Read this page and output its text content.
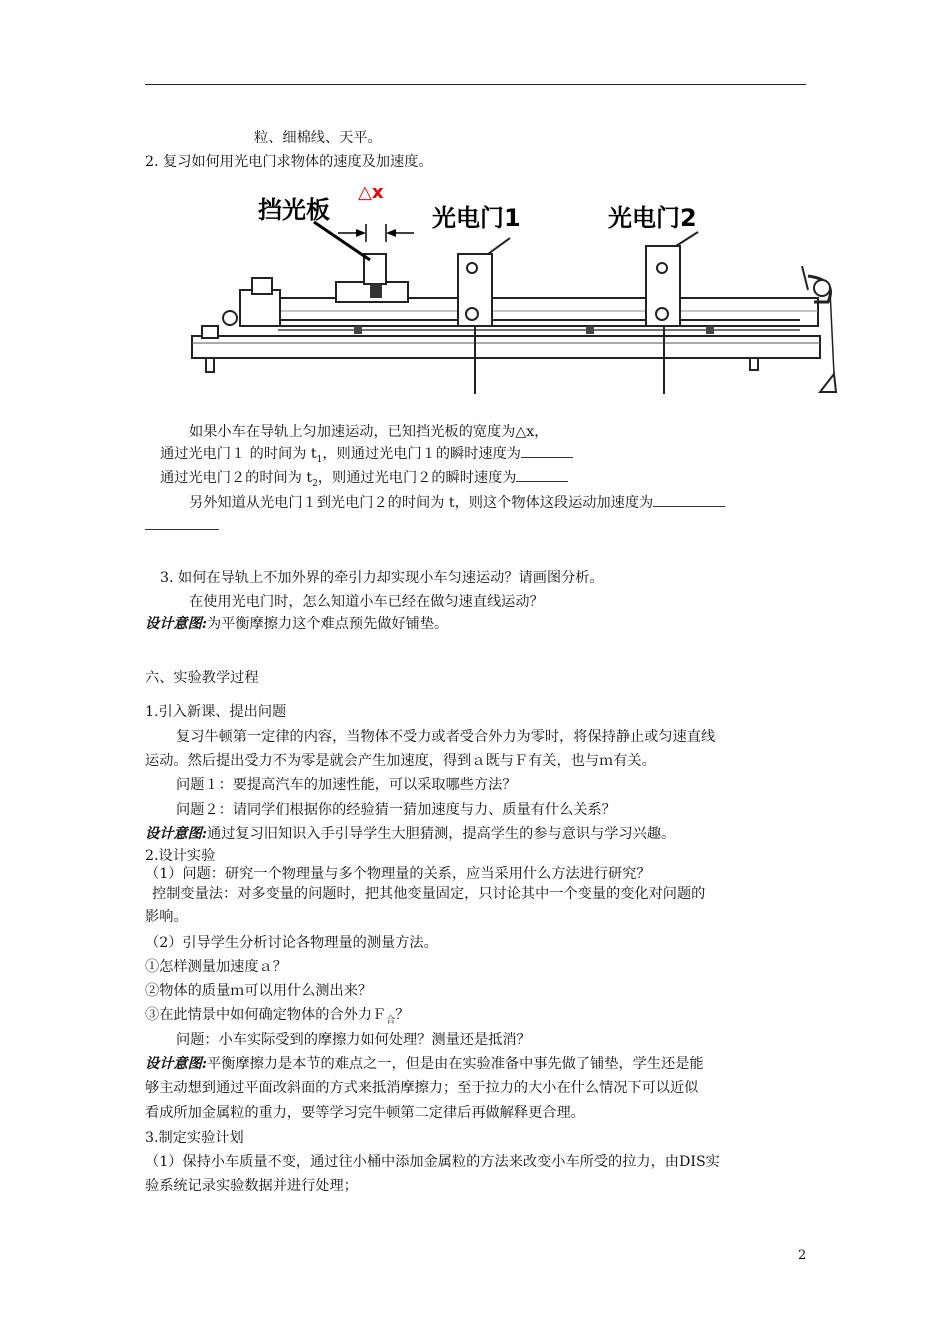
粒、细棉线、天平。
2. 复习如何用光电门求物体的速度及加速度。
挡光板
△x
光电门1	光电门2
如果小车在导轨上匀加速运动，已知挡光板的宽度为△x，
通过光电门１ 的时间为 $t_1$，则通过光电门１的瞬时速度为
通过光电门２的时间为 $t_2$，则通过光电门２的瞬时速度为
另外知道从光电门１到光电门２的时间为 t，则这个物体这段运动加速度为
3. 如何在导轨上不加外界的牵引力却实现小车匀速运动？请画图分析。
在使用光电门时，怎么知道小车已经在做匀速直线运动？
设计意图:为平衡摩擦力这个难点预先做好铺垫。
六、实验教学过程
1.引入新课、提出问题
复习牛顿第一定律的内容，当物体不受力或者受合外力为零时，将保持静止或匀速直线
运动。然后提出受力不为零是就会产生加速度，得到ａ既与Ｆ有关，也与ｍ有关。
问题１：要提高汽车的加速性能，可以采取哪些方法？
问题２：请同学们根据你的经验猜一猜加速度与力、质量有什么关系？
设计意图:通过复习旧知识入手引导学生大胆猜测，提高学生的参与意识与学习兴趣。
2.设计实验
（1）问题：研究一个物理量与多个物理量的关系，应当采用什么方法进行研究？
控制变量法：对多变量的问题时，把其他变量固定，只讨论其中一个变量的变化对问题的
影响。
（2）引导学生分析讨论各物理量的测量方法。
①怎样测量加速度ａ？
②物体的质量ｍ可以用什么测出来？
③在此情景中如何确定物体的合外力Ｆ$_合$？
问题：小车实际受到的摩擦力如何处理？测量还是抵消？
设计意图:平衡摩擦力是本节的难点之一，但是由在实验准备中事先做了铺垫，学生还是能
够主动想到通过平面改斜面的方式来抵消摩擦力；至于拉力的大小在什么情况下可以近似
看成所加金属粒的重力，要等学习完牛顿第二定律后再做解释更合理。
3.制定实验计划
（1）保持小车质量不变，通过往小桶中添加金属粒的方法来改变小车所受的拉力，由DIS实
验系统记录实验数据并进行处理；
2
